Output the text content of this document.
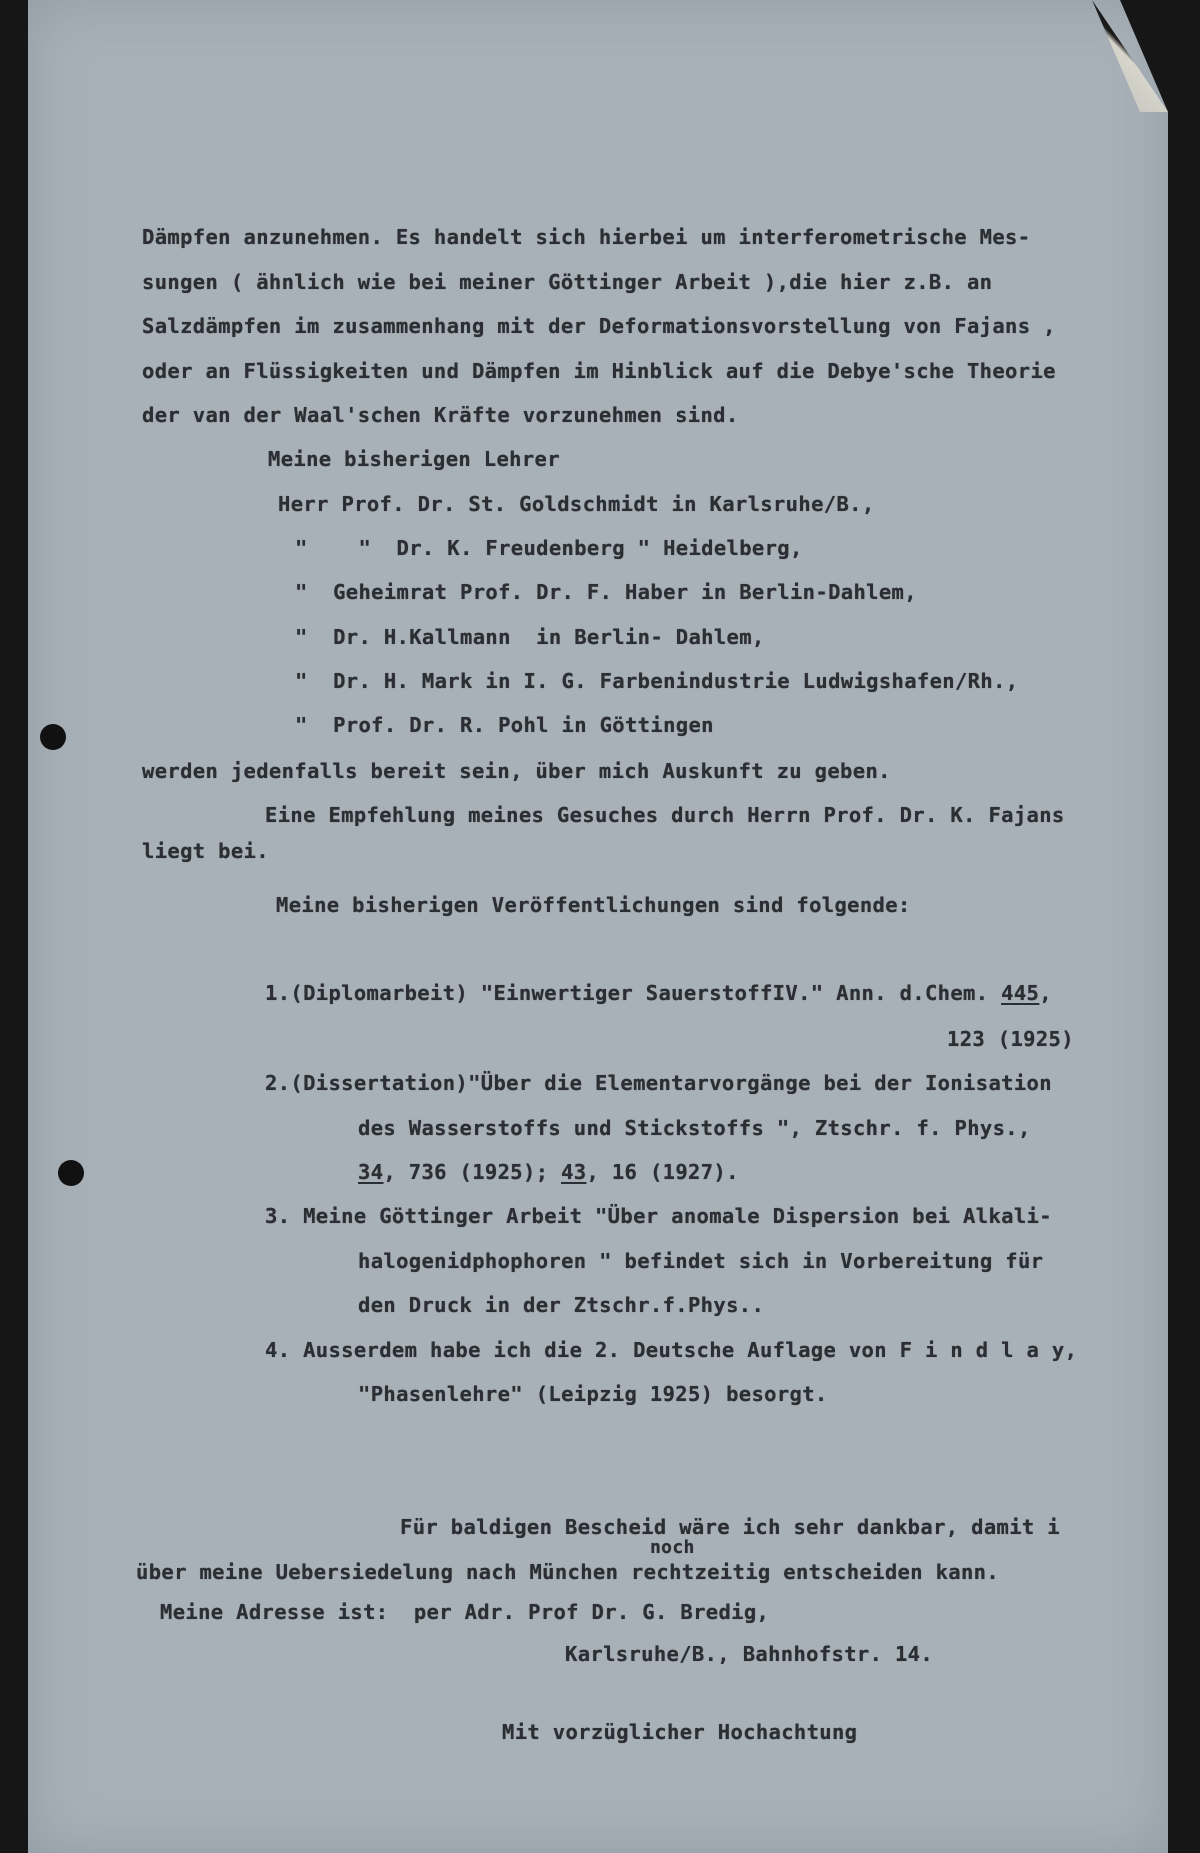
Dämpfen anzunehmen. Es handelt sich hierbei um interferometrische Mes-
sungen ( ähnlich wie bei meiner Göttinger Arbeit ),die hier z.B. an
Salzdämpfen im zusammenhang mit der Deformationsvorstellung von Fajans ,
oder an Flüssigkeiten und Dämpfen im Hinblick auf die Debye'sche Theorie
der van der Waal'schen Kräfte vorzunehmen sind.
Meine bisherigen Lehrer
Herr Prof. Dr. St. Goldschmidt in Karlsruhe/B.,
"    "  Dr. K. Freudenberg " Heidelberg,
"  Geheimrat Prof. Dr. F. Haber in Berlin-Dahlem,
"  Dr. H.Kallmann  in Berlin- Dahlem,
"  Dr. H. Mark in I. G. Farbenindustrie Ludwigshafen/Rh.,
"  Prof. Dr. R. Pohl in Göttingen
werden jedenfalls bereit sein, über mich Auskunft zu geben.
Eine Empfehlung meines Gesuches durch Herrn Prof. Dr. K. Fajans
liegt bei.
Meine bisherigen Veröffentlichungen sind folgende:
1.(Diplomarbeit) "Einwertiger SauerstoffIV." Ann. d.Chem. 445,
123 (1925)
2.(Dissertation)"Über die Elementarvorgänge bei der Ionisation
des Wasserstoffs und Stickstoffs ", Ztschr. f. Phys.,
34, 736 (1925); 43, 16 (1927).
3. Meine Göttinger Arbeit "Über anomale Dispersion bei Alkali-
halogenidphophoren " befindet sich in Vorbereitung für
den Druck in der Ztschr.f.Phys..
4. Ausserdem habe ich die 2. Deutsche Auflage von F i n d l a y,
"Phasenlehre" (Leipzig 1925) besorgt.
Für baldigen Bescheid wäre ich sehr dankbar, damit i
noch
über meine Uebersiedelung nach München rechtzeitig entscheiden kann.
Meine Adresse ist:  per Adr. Prof Dr. G. Bredig,
Karlsruhe/B., Bahnhofstr. 14.
Mit vorzüglicher Hochachtung
